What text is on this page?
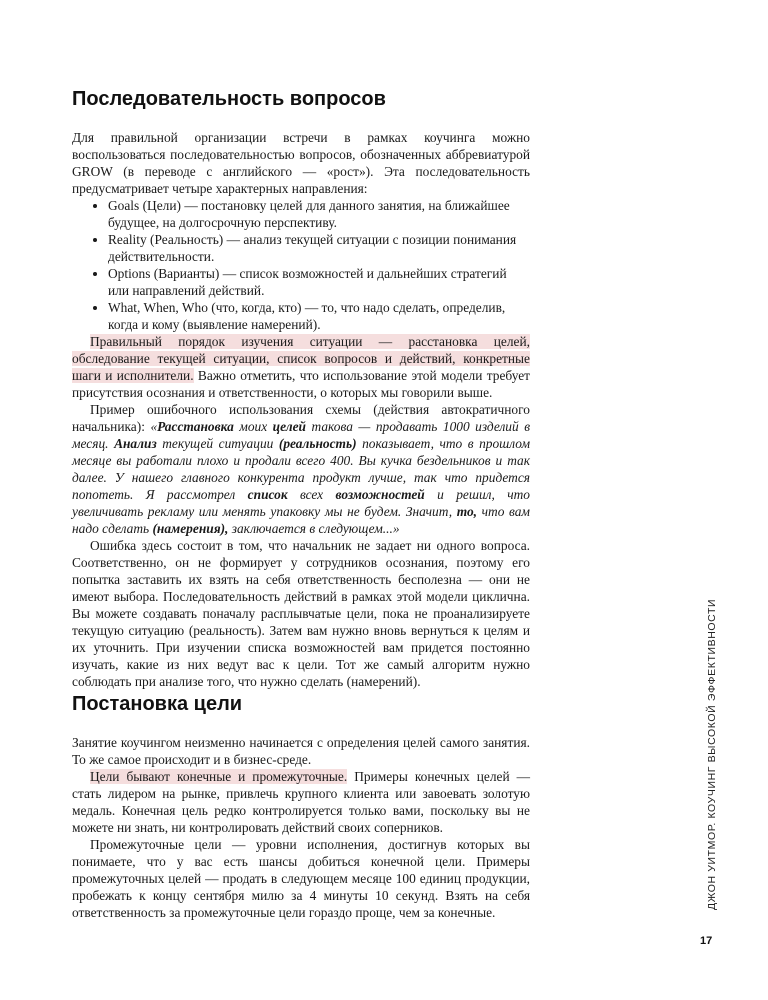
Последовательность вопросов

Для правильной организации встречи в рамках коучинга можно воспользоваться последовательностью вопросов, обозначенных аббревиатурой GROW (в переводе с английского — «рост»). Эта последовательность предусматривает четыре характерных направления:

• Goals (Цели) — постановку целей для данного занятия, на ближайшее будущее, на долгосрочную перспективу.
• Reality (Реальность) — анализ текущей ситуации с позиции понимания действительности.
• Options (Варианты) — список возможностей и дальнейших стратегий или направлений действий.
• What, When, Who (что, когда, кто) — то, что надо сделать, определив, когда и кому (выявление намерений).

Правильный порядок изучения ситуации — расстановка целей, обследование текущей ситуации, список вопросов и действий, конкретные шаги и исполнители. Важно отметить, что использование этой модели требует присутствия осознания и ответственности, о которых мы говорили выше.

Пример ошибочного использования схемы (действия автократичного начальника): «Расстановка моих целей такова — продавать 1000 изделий в месяц. Анализ текущей ситуации (реальность) показывает, что в прошлом месяце вы работали плохо и продали всего 400. Вы кучка бездельников и так далее. У нашего главного конкурента продукт лучше, так что придется попотеть. Я рассмотрел список всех возможностей и решил, что увеличивать рекламу или менять упаковку мы не будем. Значит, то, что вам надо сделать (намерения), заключается в следующем...»

Ошибка здесь состоит в том, что начальник не задает ни одного вопроса. Соответственно, он не формирует у сотрудников осознания, поэтому его попытка заставить их взять на себя ответственность бесполезна — они не имеют выбора. Последовательность действий в рамках этой модели циклична. Вы можете создавать поначалу расплывчатые цели, пока не проанализируете текущую ситуацию (реальность). Затем вам нужно вновь вернуться к целям и их уточнить. При изучении списка возможностей вам придется постоянно изучать, какие из них ведут вас к цели. Тот же самый алгоритм нужно соблюдать при анализе того, что нужно сделать (намерений).

Постановка цели

Занятие коучингом неизменно начинается с определения целей самого занятия. То же самое происходит и в бизнес-среде.

Цели бывают конечные и промежуточные. Примеры конечных целей — стать лидером на рынке, привлечь крупного клиента или завоевать золотую медаль. Конечная цель редко контролируется только вами, поскольку вы не можете ни знать, ни контролировать действий своих соперников.

Промежуточные цели — уровни исполнения, достигнув которых вы понимаете, что у вас есть шансы добиться конечной цели. Примеры промежуточных целей — продать в следующем месяце 100 единиц продукции, пробежать к концу сентября милю за 4 минуты 10 секунд. Взять на себя ответственность за промежуточные цели гораздо проще, чем за конечные.

ДЖОН УИТМОР. КОУЧИНГ ВЫСОКОЙ ЭФФЕКТИВНОСТИ
17
